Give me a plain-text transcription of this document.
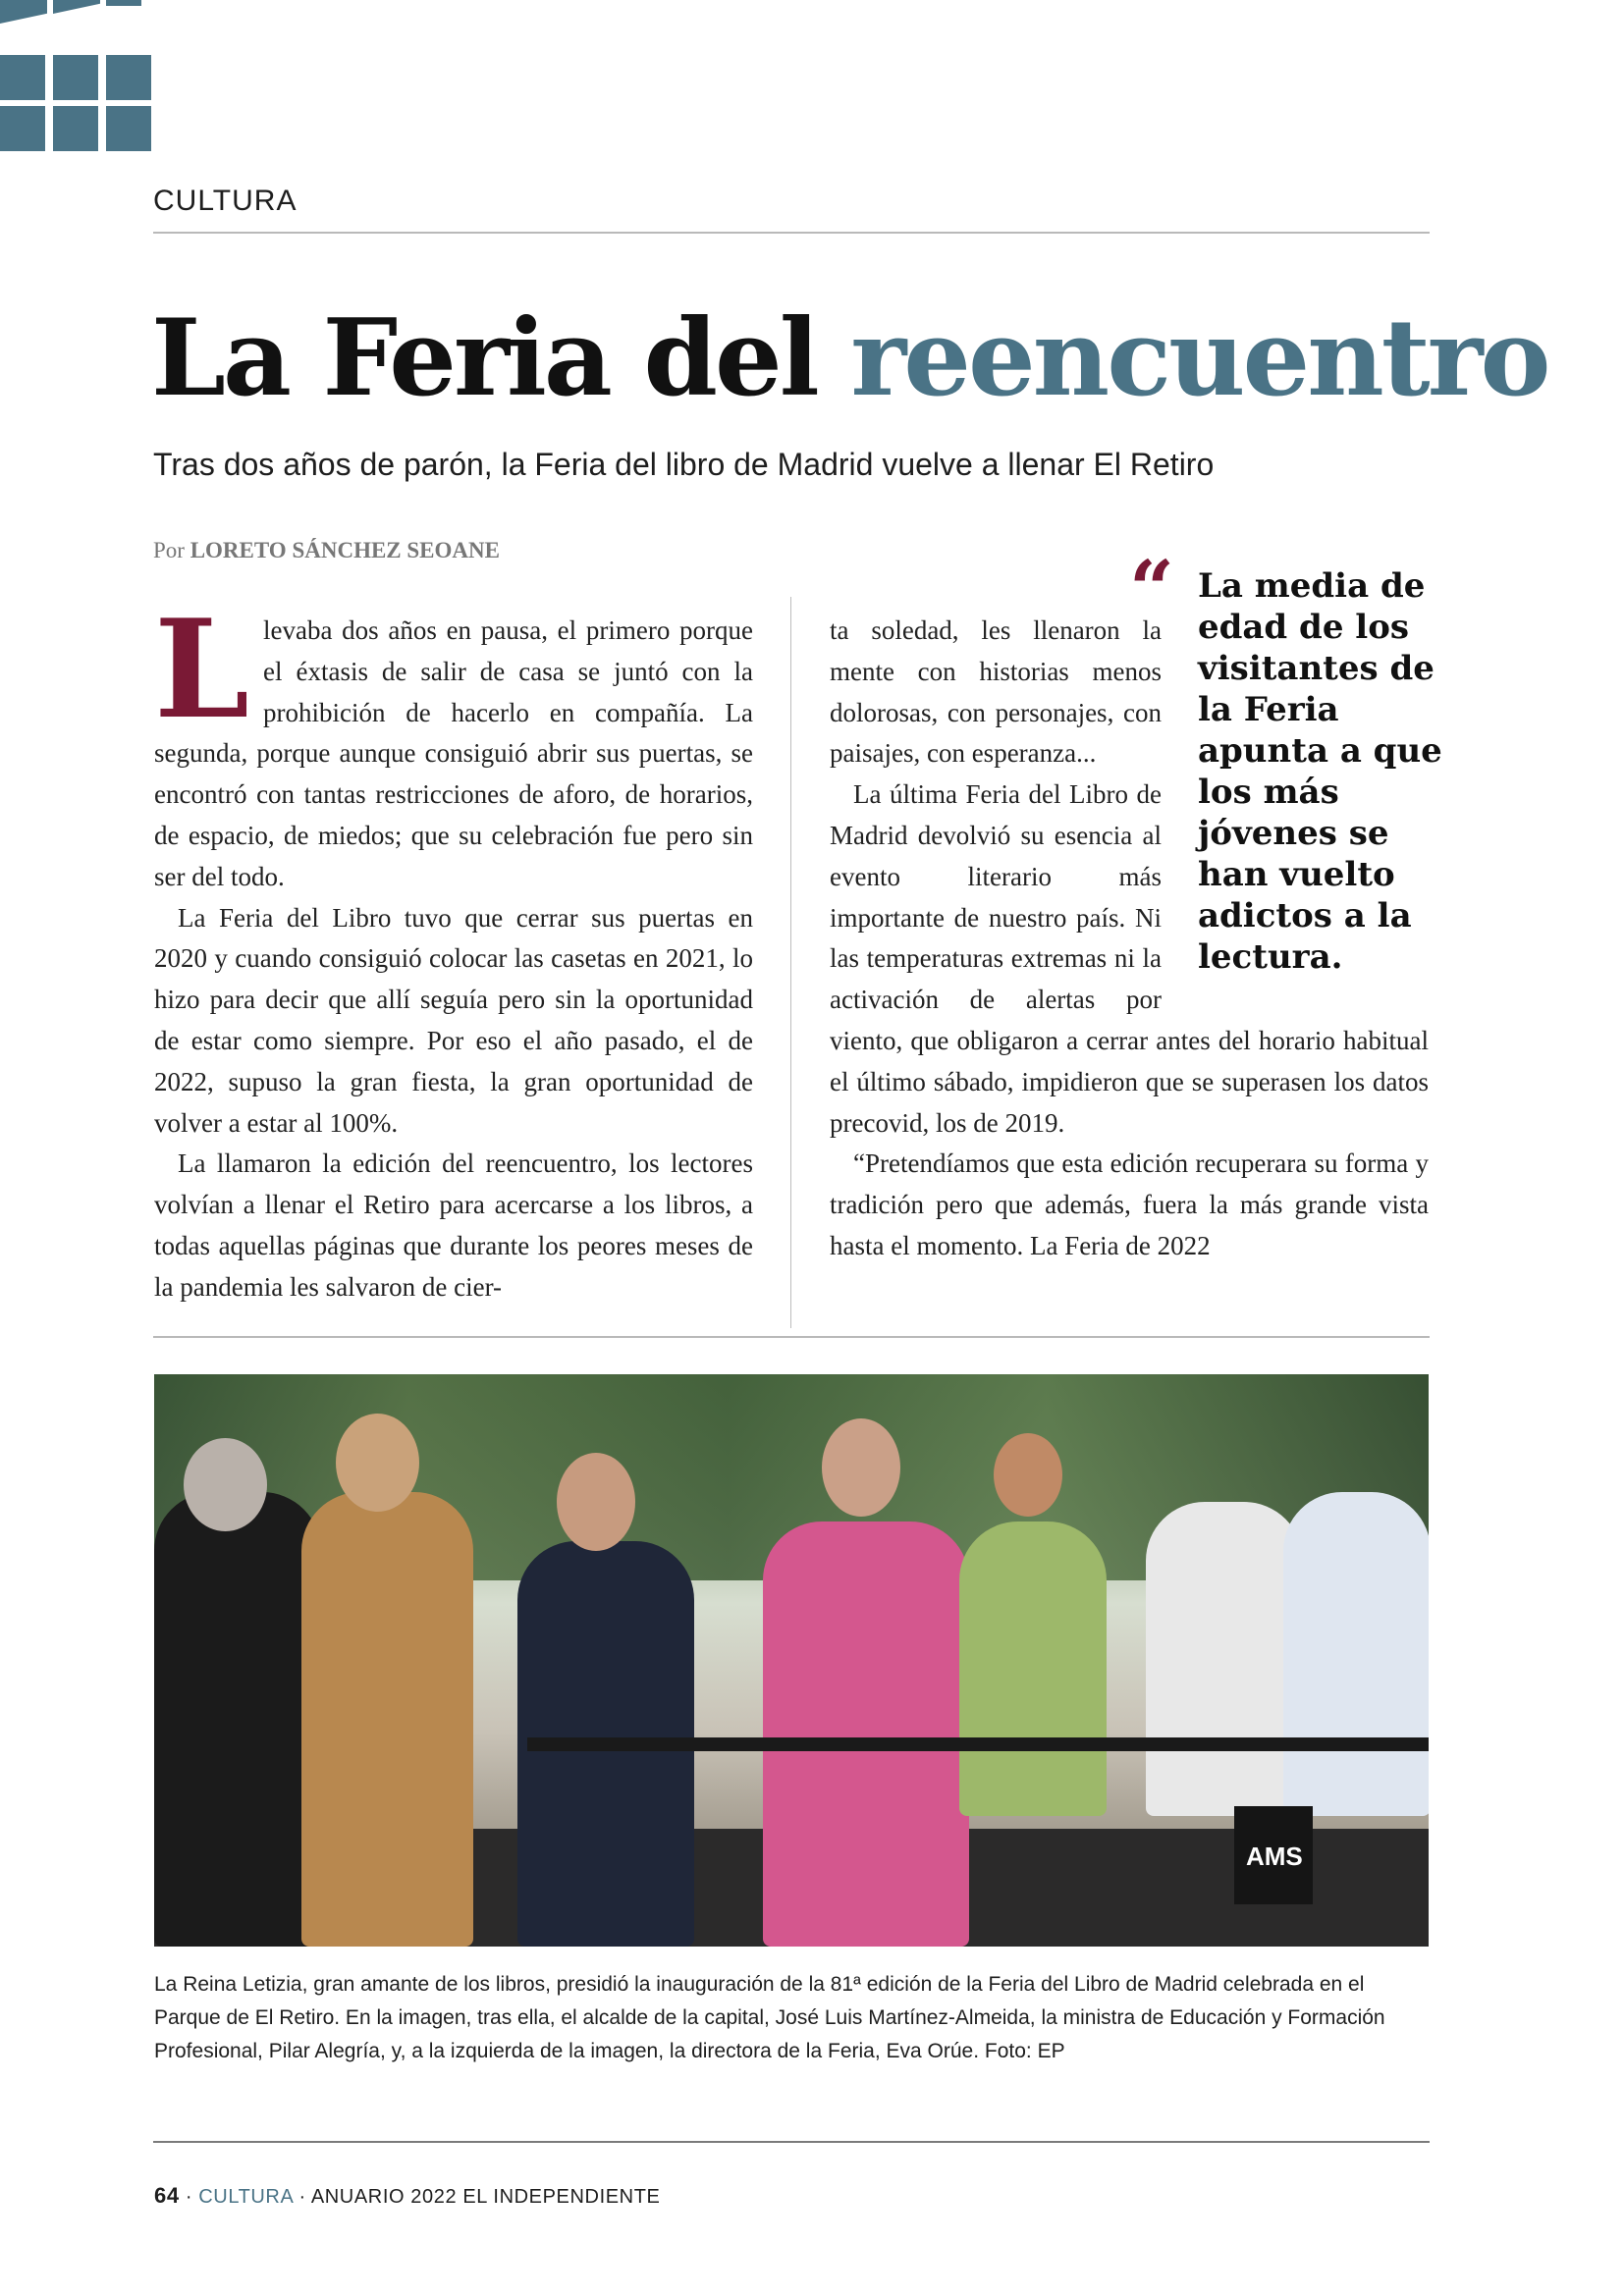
CULTURA
La Feria del reencuentro
Tras dos años de parón, la Feria del libro de Madrid vuelve a llenar El Retiro
Por LORETO SÁNCHEZ SEOANE

Llevaba dos años en pausa, el primero porque el éxtasis de salir de casa se juntó con la prohibición de hacerlo en compañía. La segunda, porque aunque consiguió abrir sus puertas, se encontró con tantas restricciones de aforo, de horarios, de espacio, de miedos; que su celebración fue pero sin ser del todo.

La Feria del Libro tuvo que cerrar sus puertas en 2020 y cuando consiguió colocar las casetas en 2021, lo hizo para decir que allí seguía pero sin la oportunidad de estar como siempre. Por eso el año pasado, el de 2022, supuso la gran fiesta, la gran oportunidad de volver a estar al 100%.

La llamaron la edición del reencuentro, los lectores volvían a llenar el Retiro para acercarse a los libros, a todas aquellas páginas que durante los peores meses de la pandemia les salvaron de cier-

ta soledad, les llenaron la mente con historias menos dolorosas, con personajes, con paisajes, con esperanza...

La última Feria del Libro de Madrid devolvió su esencia al evento literario más importante de nuestro país. Ni las temperaturas extremas ni la activación de alertas por viento, que obligaron a cerrar antes del horario habitual el último sábado, impidieron que se superasen los datos precovid, los de 2019.

“Pretendíamos que esta edición recuperara su forma y tradición pero que además, fuera la más grande vista hasta el momento. La Feria de 2022

“ La media de edad de los visitantes de la Feria apunta a que los más jóvenes se han vuelto adictos a la lectura.
AMS

La Reina Letizia, gran amante de los libros, presidió la inauguración de la 81ª edición de la Feria del Libro de Madrid celebrada en el Parque de El Retiro. En la imagen, tras ella, el alcalde de la capital, José Luis Martínez-Almeida, la ministra de Educación y Formación Profesional, Pilar Alegría, y, a la izquierda de la imagen, la directora de la Feria, Eva Orúe. Foto: EP

64 · CULTURA · ANUARIO 2022 EL INDEPENDIENTE
